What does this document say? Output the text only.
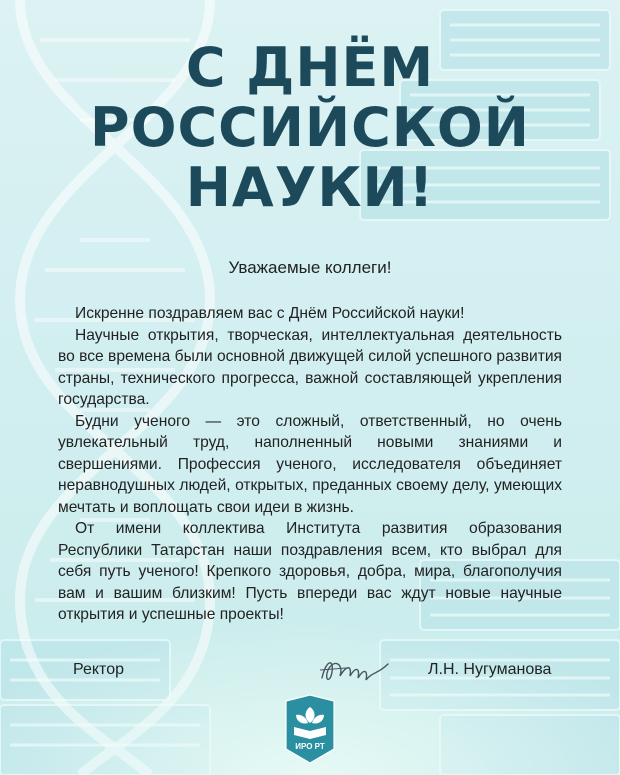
С ДНЁМ
РОССИЙСКОЙ
НАУКИ!
Уважаемые коллеги!

Искренне поздравляем вас с Днём Российской науки!

Научные открытия, творческая, интеллектуальная деятельность во все времена были основной движущей силой успешного развития страны, технического прогресса, важной составляющей укрепления государства.

Будни ученого — это сложный, ответственный, но очень увлекательный труд, наполненный новыми знаниями и свершениями. Профессия ученого, исследователя объединяет неравнодушных людей, открытых, преданных своему делу, умеющих мечтать и воплощать свои идеи в жизнь.

От имени коллектива Института развития образования Республики Татарстан наши поздравления всем, кто выбрал для себя путь ученого! Крепкого здоровья, добра, мира, благополучия вам и вашим близким! Пусть впереди вас ждут новые научные открытия и успешные проекты!

Ректор	Л.Н. Нугуманова
ИРО РТ
